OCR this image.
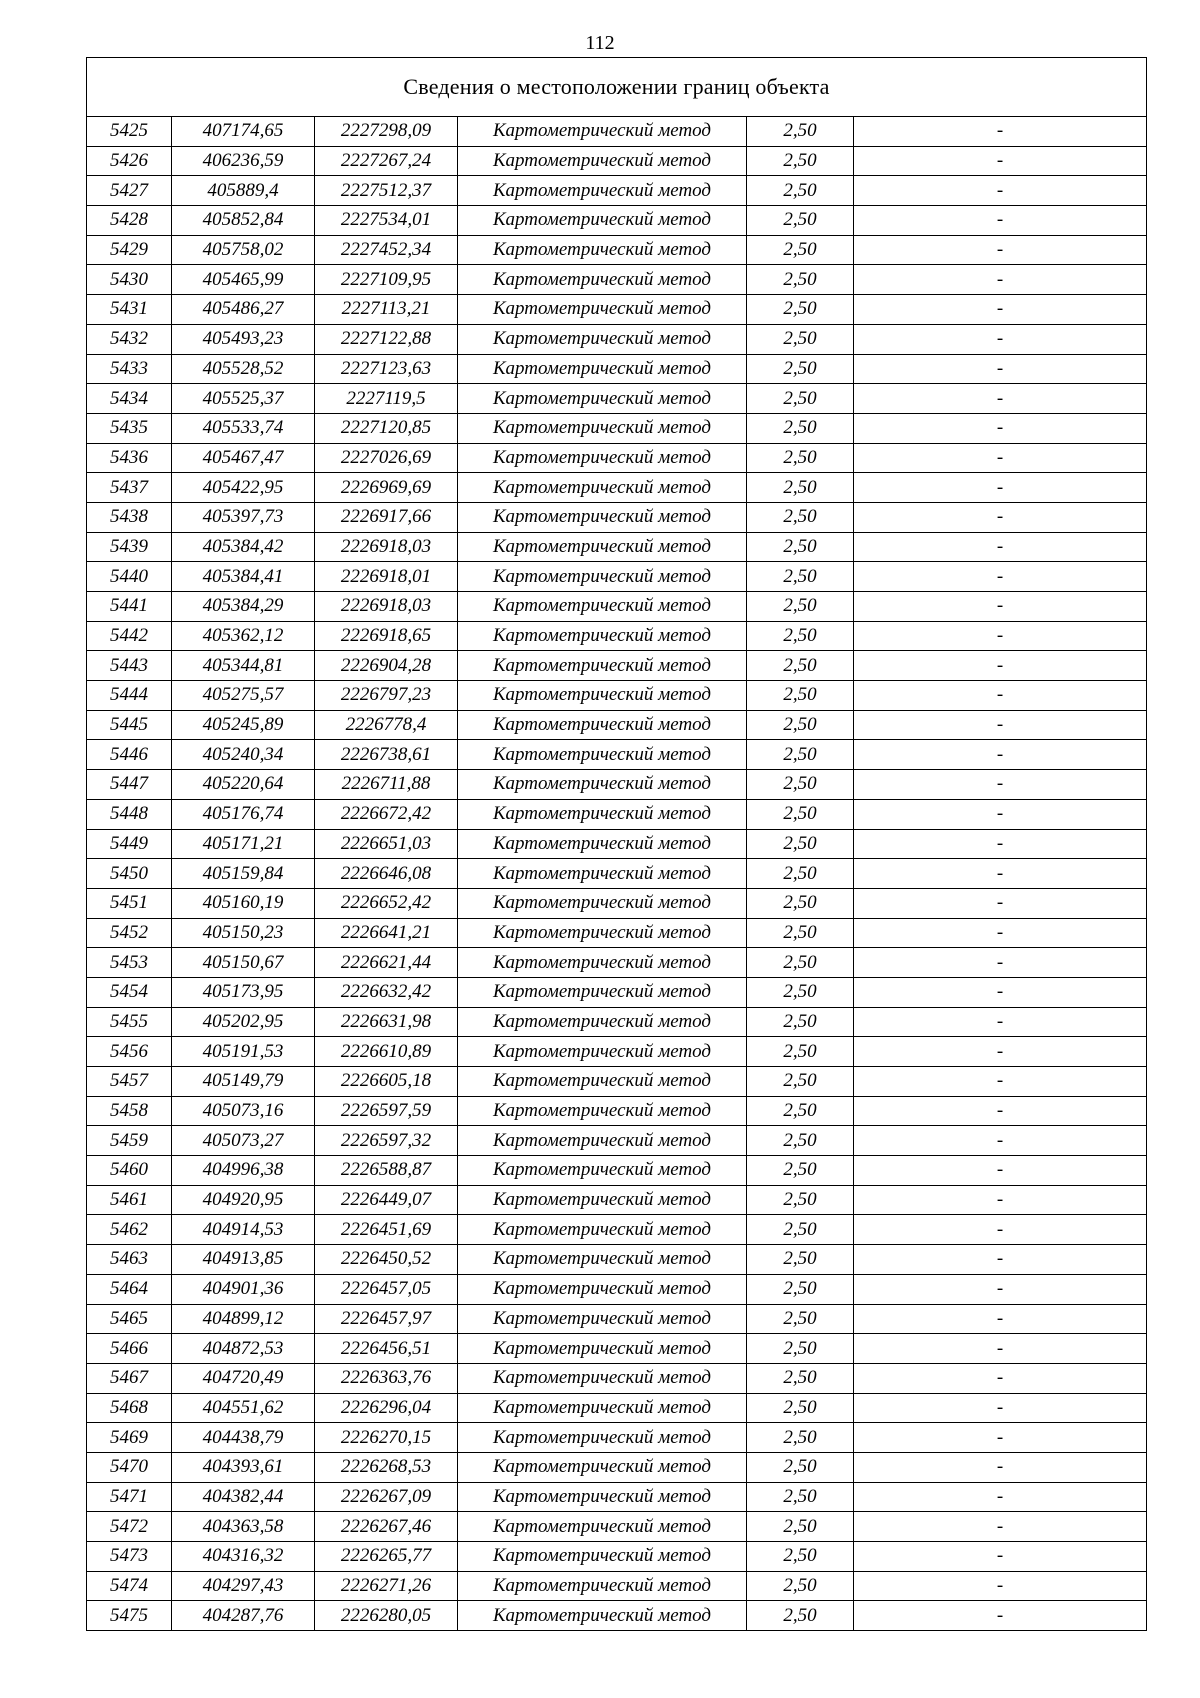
112
Сведения о местоположении границ объекта					
5425	407174,65	2227298,09	Картометрический метод	2,50	-
5426	406236,59	2227267,24	Картометрический метод	2,50	-
5427	405889,4	2227512,37	Картометрический метод	2,50	-
5428	405852,84	2227534,01	Картометрический метод	2,50	-
5429	405758,02	2227452,34	Картометрический метод	2,50	-
5430	405465,99	2227109,95	Картометрический метод	2,50	-
5431	405486,27	2227113,21	Картометрический метод	2,50	-
5432	405493,23	2227122,88	Картометрический метод	2,50	-
5433	405528,52	2227123,63	Картометрический метод	2,50	-
5434	405525,37	2227119,5	Картометрический метод	2,50	-
5435	405533,74	2227120,85	Картометрический метод	2,50	-
5436	405467,47	2227026,69	Картометрический метод	2,50	-
5437	405422,95	2226969,69	Картометрический метод	2,50	-
5438	405397,73	2226917,66	Картометрический метод	2,50	-
5439	405384,42	2226918,03	Картометрический метод	2,50	-
5440	405384,41	2226918,01	Картометрический метод	2,50	-
5441	405384,29	2226918,03	Картометрический метод	2,50	-
5442	405362,12	2226918,65	Картометрический метод	2,50	-
5443	405344,81	2226904,28	Картометрический метод	2,50	-
5444	405275,57	2226797,23	Картометрический метод	2,50	-
5445	405245,89	2226778,4	Картометрический метод	2,50	-
5446	405240,34	2226738,61	Картометрический метод	2,50	-
5447	405220,64	2226711,88	Картометрический метод	2,50	-
5448	405176,74	2226672,42	Картометрический метод	2,50	-
5449	405171,21	2226651,03	Картометрический метод	2,50	-
5450	405159,84	2226646,08	Картометрический метод	2,50	-
5451	405160,19	2226652,42	Картометрический метод	2,50	-
5452	405150,23	2226641,21	Картометрический метод	2,50	-
5453	405150,67	2226621,44	Картометрический метод	2,50	-
5454	405173,95	2226632,42	Картометрический метод	2,50	-
5455	405202,95	2226631,98	Картометрический метод	2,50	-
5456	405191,53	2226610,89	Картометрический метод	2,50	-
5457	405149,79	2226605,18	Картометрический метод	2,50	-
5458	405073,16	2226597,59	Картометрический метод	2,50	-
5459	405073,27	2226597,32	Картометрический метод	2,50	-
5460	404996,38	2226588,87	Картометрический метод	2,50	-
5461	404920,95	2226449,07	Картометрический метод	2,50	-
5462	404914,53	2226451,69	Картометрический метод	2,50	-
5463	404913,85	2226450,52	Картометрический метод	2,50	-
5464	404901,36	2226457,05	Картометрический метод	2,50	-
5465	404899,12	2226457,97	Картометрический метод	2,50	-
5466	404872,53	2226456,51	Картометрический метод	2,50	-
5467	404720,49	2226363,76	Картометрический метод	2,50	-
5468	404551,62	2226296,04	Картометрический метод	2,50	-
5469	404438,79	2226270,15	Картометрический метод	2,50	-
5470	404393,61	2226268,53	Картометрический метод	2,50	-
5471	404382,44	2226267,09	Картометрический метод	2,50	-
5472	404363,58	2226267,46	Картометрический метод	2,50	-
5473	404316,32	2226265,77	Картометрический метод	2,50	-
5474	404297,43	2226271,26	Картометрический метод	2,50	-
5475	404287,76	2226280,05	Картометрический метод	2,50	-
